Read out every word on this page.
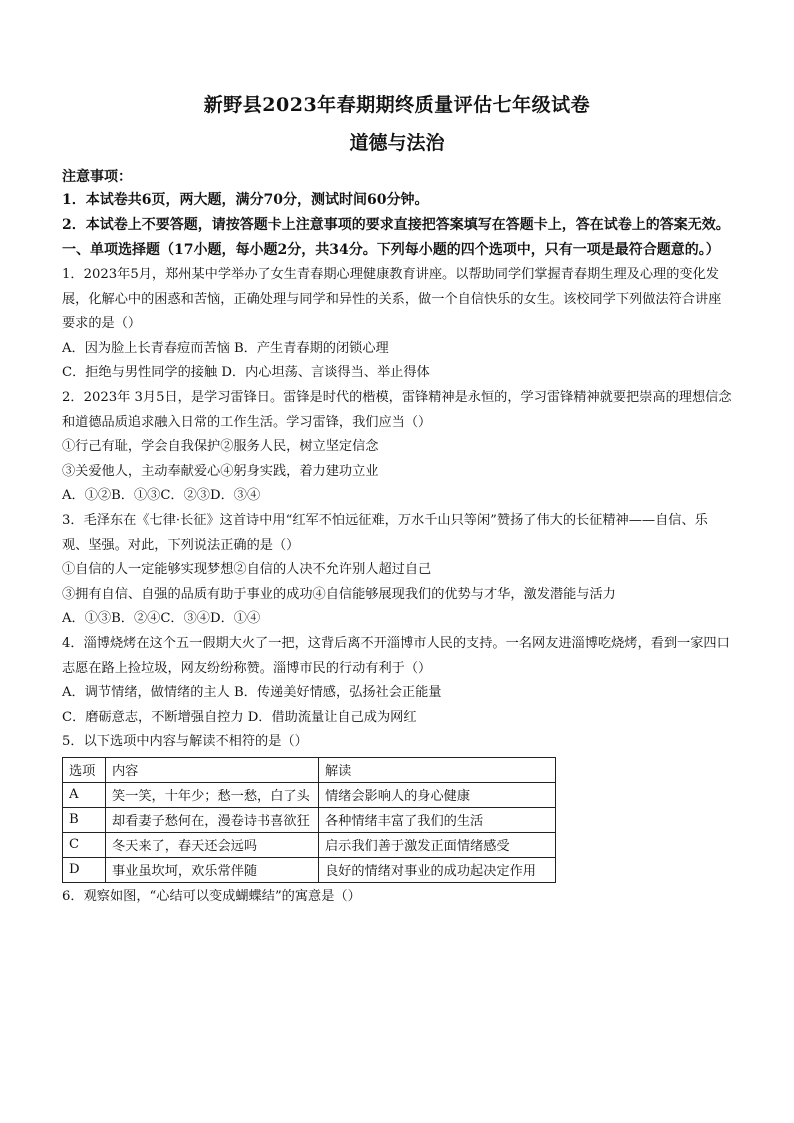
新野县2023年春期期终质量评估七年级试卷
道德与法治

注意事项：

1．本试卷共6页，两大题，满分70分，测试时间60分钟。

2．本试卷上不要答题，请按答题卡上注意事项的要求直接把答案填写在答题卡上，答在试卷上的答案无效。

一、单项选择题（17小题，每小题2分，共34分。下列每小题的四个选项中，只有一项是最符合题意的。）

1．2023年5月，郑州某中学举办了女生青春期心理健康教育讲座。以帮助同学们掌握青春期生理及心理的变化发展，化解心中的困惑和苦恼，正确处理与同学和异性的关系，做一个自信快乐的女生。该校同学下列做法符合讲座要求的是（）

A．因为脸上长青春痘而苦恼 B．产生青春期的闭锁心理

C．拒绝与男性同学的接触 D．内心坦荡、言谈得当、举止得体

2．2023年 3月5日，是学习雷锋日。雷锋是时代的楷模，雷锋精神是永恒的，学习雷锋精神就要把崇高的理想信念和道德品质追求融入日常的工作生活。学习雷锋，我们应当（）

①行己有耻，学会自我保护②服务人民，树立坚定信念

③关爱他人，主动奉献爱心④躬身实践，着力建功立业

A．①②B．①③C．②③D．③④

3．毛泽东在《七律·长征》这首诗中用“红军不怕远征难，万水千山只等闲”赞扬了伟大的长征精神——自信、乐观、坚强。对此，下列说法正确的是（）

①自信的人一定能够实现梦想②自信的人决不允许别人超过自己

③拥有自信、自强的品质有助于事业的成功④自信能够展现我们的优势与才华，激发潜能与活力

A．①③B．②④C．③④D．①④

4．淄博烧烤在这个五一假期大火了一把，这背后离不开淄博市人民的支持。一名网友进淄博吃烧烤，看到一家四口志愿在路上捡垃圾，网友纷纷称赞。淄博市民的行动有利于（）

A．调节情绪，做情绪的主人 B．传递美好情感，弘扬社会正能量

C．磨砺意志，不断增强自控力 D．借助流量让自己成为网红

5．以下选项中内容与解读不相符的是（）

选项	内容	解读
A	笑一笑，十年少；愁一愁，白了头	情绪会影响人的身心健康
B	却看妻子愁何在，漫卷诗书喜欲狂	各种情绪丰富了我们的生活
C	冬天来了，春天还会远吗	启示我们善于激发正面情绪感受
D	事业虽坎坷，欢乐常伴随	良好的情绪对事业的成功起决定作用

6．观察如图，“心结可以变成蝴蝶结”的寓意是（）
